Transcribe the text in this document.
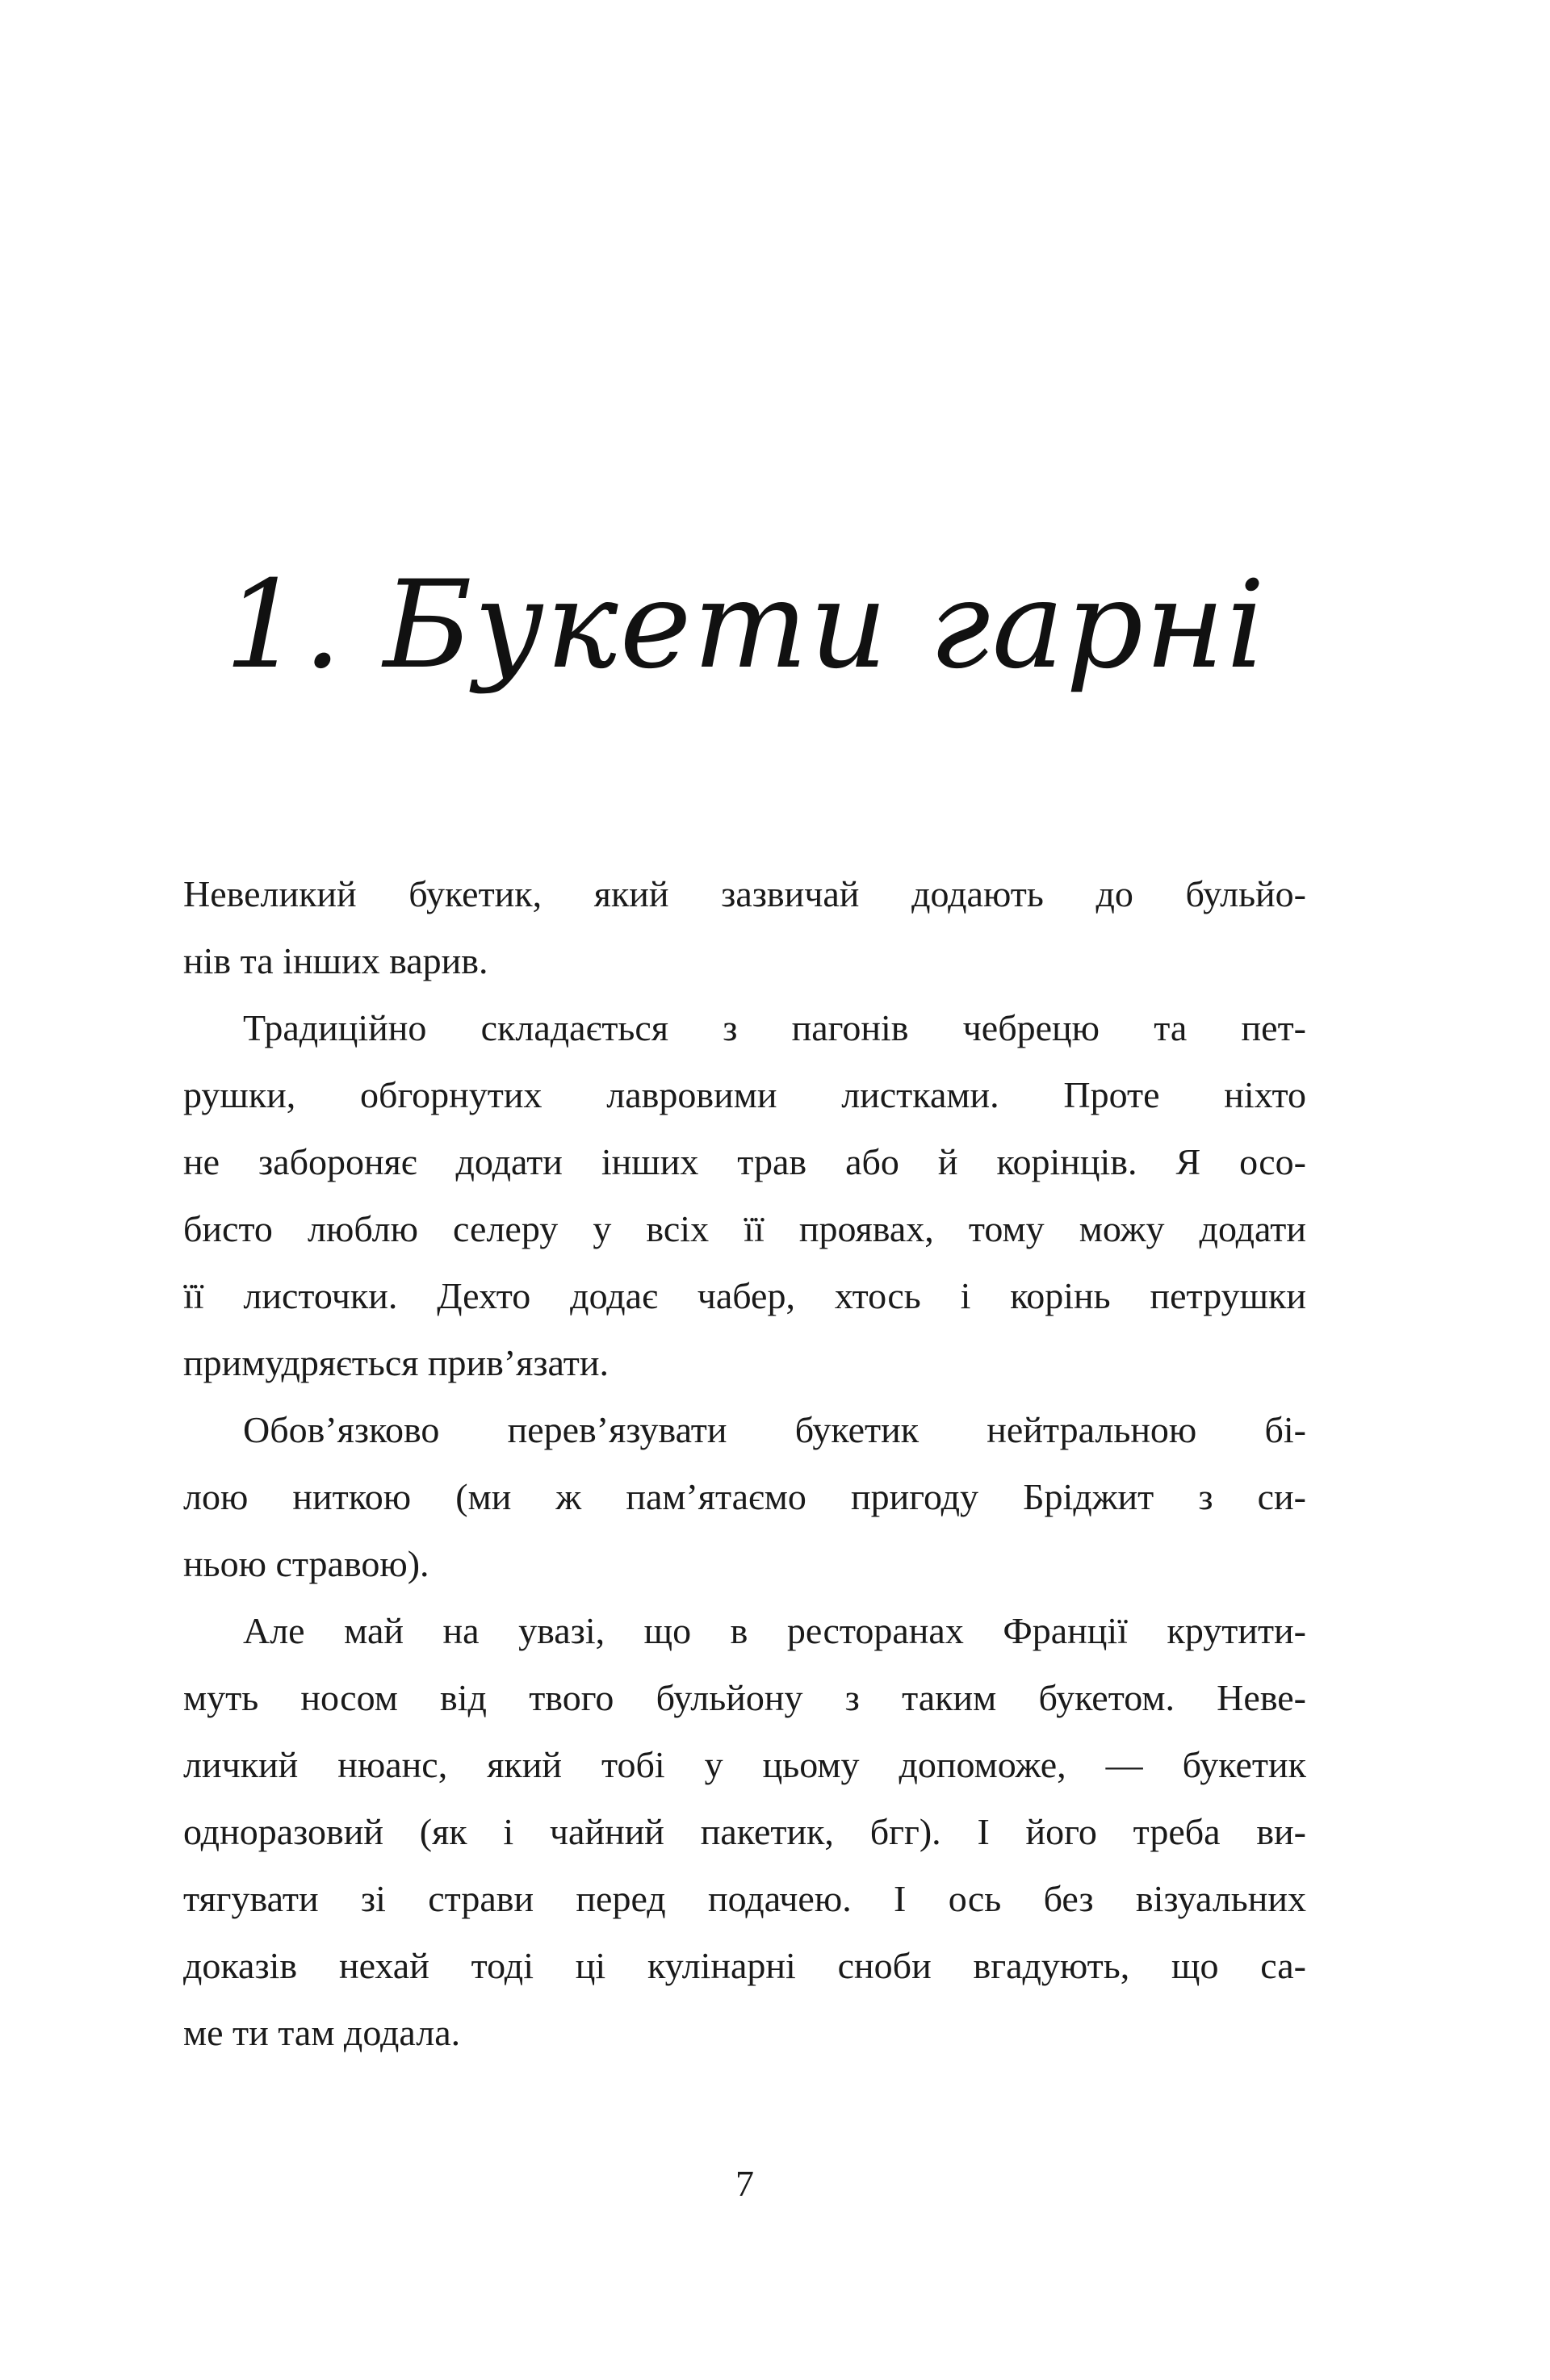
1. Букети гарні
Невеликий букетик, який зазвичай додають до бульйо-
нів та інших варив.
Традиційно складається з пагонів чебрецю та пет-
рушки, обгорнутих лавровими листками. Проте ніхто
не забороняє додати інших трав або й корінців. Я осо-
бисто люблю селеру у всіх її проявах, тому можу додати
її листочки. Дехто додає чабер, хтось і корінь петрушки
примудряється прив’язати.
Обов’язково перев’язувати букетик нейтральною бі-
лою ниткою (ми ж пам’ятаємо пригоду Бріджит з си-
ньою стравою).
Але май на увазі, що в ресторанах Франції крутити-
муть носом від твого бульйону з таким букетом. Неве-
личкий нюанс, який тобі у цьому допоможе, — букетик
одноразовий (як і чайний пакетик, бгг). І його треба ви-
тягувати зі страви перед подачею. І ось без візуальних
доказів нехай тоді ці кулінарні сноби вгадують, що са-
ме ти там додала.
7
